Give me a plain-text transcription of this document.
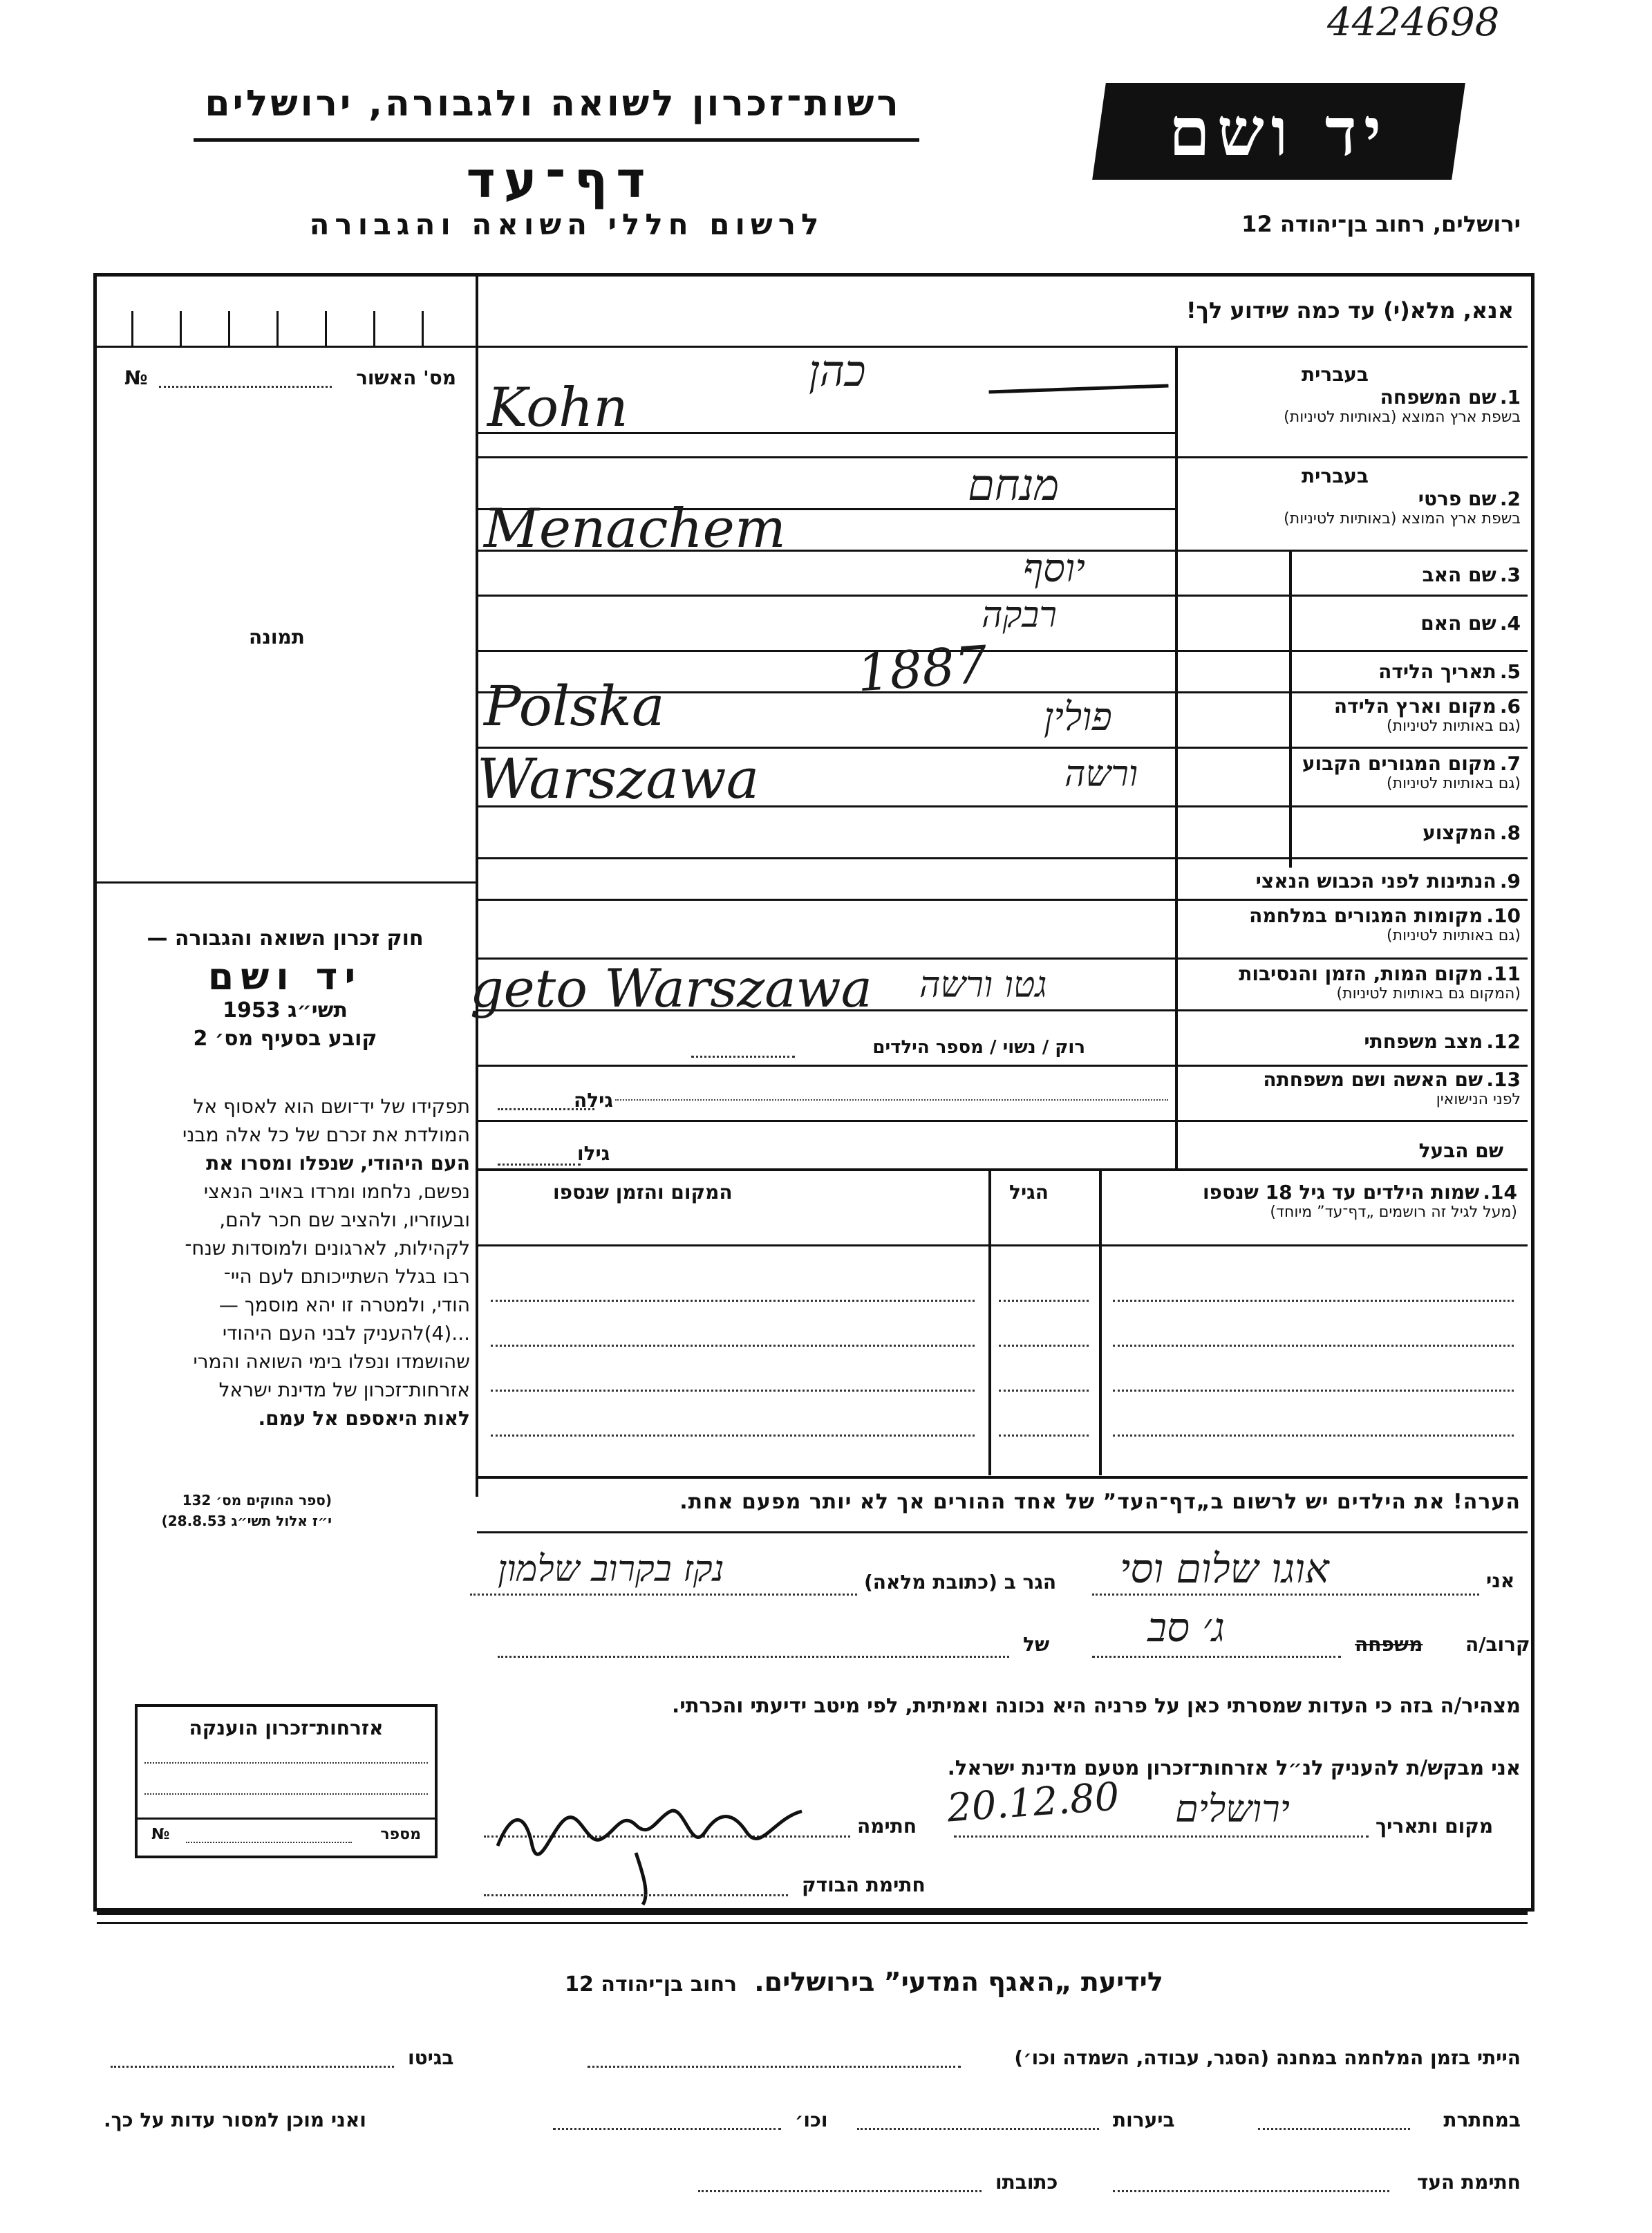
4424698
רשות־זכרון לשואה ולגבורה, ירושלים
דף־עד
לרשום חללי השואה והגבורה
יד ושם
ירושלים, רחוב בן־יהודה 12
אנא, מלא(י) עד כמה שידוע לך!
№	מס' האשור
תמונה
בעברית
1. שם המשפחה
בשפת ארץ המוצא (באותיות לטיניות)
בעברית
2. שם פרטי
בשפת ארץ המוצא (באותיות לטיניות)
3. שם האב
4. שם האם
5. תאריך הלידה
6. מקום וארץ הלידה
(גם באותיות לטיניות)
7. מקום המגורים הקבוע
(גם באותיות לטיניות)
8. המקצוע
9. הנתינות לפני הכבוש הנאצי
10. מקומות המגורים במלחמה
(גם באותיות לטיניות)
11. מקום המות, הזמן והנסיבות
(המקום גם באותיות לטיניות)
12. מצב משפחתי
13. שם האשה ושם משפחתה
לפני הנישואין
שם הבעל
כהן
Kohn
מנחם
Menachem
יוסף
רבקה
1887
פולין
Polska
ורשה
Warszawa
גטו ורשה
geto Warszawa
רוק / נשוי / מספר הילדים
גילה
גילו
14. שמות הילדים עד גיל 18 שנספו
(מעל לגיל זה רושמים „דף־עד” מיוחד)
הגיל
המקום והזמן שנספו

חוק זכרון השואה והגבורה —

יד ושם

תשי״ג 1953

קובע בסעיף מס׳ 2

תפקידו של יד־ושם הוא לאסוף אל

המולדת את זכרם של כל אלה מבני

העם היהודי, שנפלו ומסרו את

נפשם, נלחמו ומרדו באויב הנאצי

ובעוזריו, ולהציב שם חכר להם,

לקהילות, לארגונים ולמוסדות שנח־

רבו בגלל השתייכותם לעם היי־

הודי, ולמטרה זו יהא מוסמך —

...(4)להעניק לבני העם היהודי

שהושמדו ונפלו בימי השואה והמרי

אזרחות־זכרון של מדינת ישראל

לאות היאספם אל עמם.

(ספר החוקים מס׳ 132

י״ז אלול תשי״ג 28.8.53)

הערה! את הילדים יש לרשום ב„דף־העד” של אחד ההורים אך לא יותר מפעם אחת.
אני
אוגו שלום וסי
הגר ב (כתובת מלאה)
נקז בקרוב שלמון
קרוב/ה
משפחה
ג׳ סב
של
מצהיר/ה בזה כי העדות שמסרתי כאן על פרניה היא נכונה ואמיתית, לפי מיטב ידיעתי והכרתי.
אני מבקש/ת להעניק לנ״ל אזרחות־זכרון מטעם מדינת ישראל.
מקום ותאריך
ירושלים
20.12.80
חתימה
חתימת הבודק
אזרחות־זכרון הוענקה
מספר
№
לידיעת „האגף המדעי” בירושלים. רחוב בן־יהודה 12
הייתי בזמן המלחמה במחנה (הסגר, עבודה, השמדה וכו׳)
בגיטו
במחתרת
ביערות
וכו׳
ואני מוכן למסור עדות על כך.
חתימת העד
כתובתו
